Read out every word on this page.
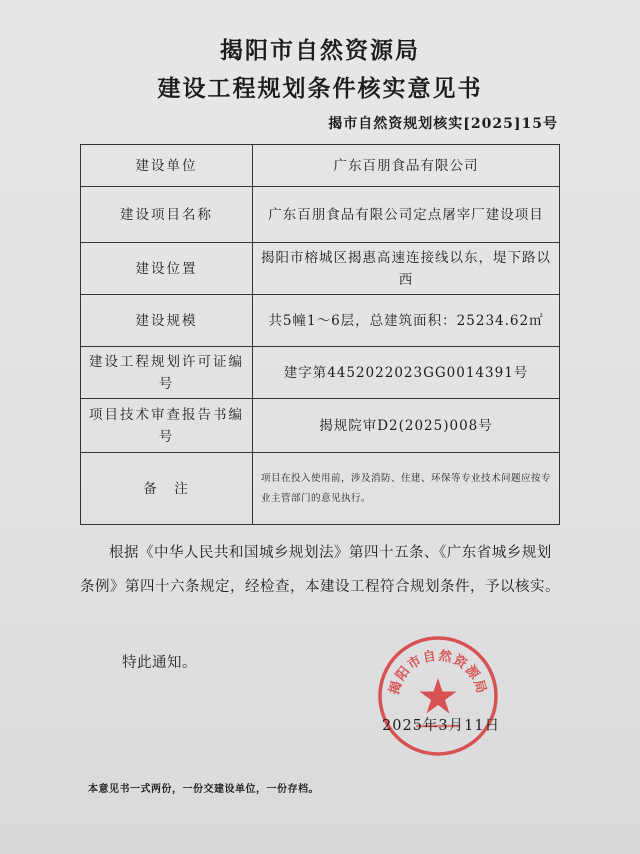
揭阳市自然资源局
建设工程规划条件核实意见书
揭市自然资规划核实[2025]15号
建设单位	广东百朋食品有限公司
建设项目名称	广东百朋食品有限公司定点屠宰厂建设项目
建设位置	揭阳市榕城区揭惠高速连接线以东，堤下路以西
建设规模	共5幢1～6层，总建筑面积：25234.62㎡
建设工程规划许可证编号	建字第4452022023GG0014391号
项目技术审查报告书编号	揭规院审D2(2025)008号
备　注	项目在投入使用前，涉及消防、住建、环保等专业技术问题应按专业主管部门的意见执行。
根据《中华人民共和国城乡规划法》第四十五条、《广东省城乡规划条例》第四十六条规定，经检查，本建设工程符合规划条件，予以核实。
特此通知。
揭阳市自然资源局
2025年3月11日
本意见书一式两份，一份交建设单位，一份存档。
